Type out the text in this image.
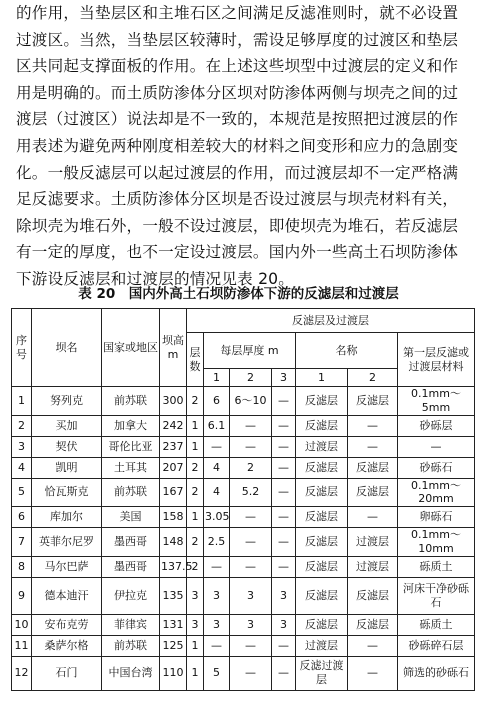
的作用，当垫层区和主堆石区之间满足反滤准则时，就不必设置

过渡区。当然，当垫层区较薄时，需设足够厚度的过渡区和垫层

区共同起支撑面板的作用。在上述这些坝型中过渡层的定义和作

用是明确的。而土质防渗体分区坝对防渗体两侧与坝壳之间的过

渡层（过渡区）说法却是不一致的，本规范是按照把过渡层的作

用表述为避免两种刚度相差较大的材料之间变形和应力的急剧变

化。一般反滤层可以起过渡层的作用，而过渡层却不一定严格满

足反滤要求。土质防渗体分区坝是否设过渡层与坝壳材料有关，

除坝壳为堆石外，一般不设过渡层，即使坝壳为堆石，若反滤层

有一定的厚度，也不一定设过渡层。国内外一些高土石坝防渗体

下游设反滤层和过渡层的情况见表 20。

表 20　国内外高土石坝防渗体下游的反滤层和过渡层
序号	坝名	国家或地区	坝高 m	反滤层及过渡层						
				层数	每层厚度 m			名称		第一层反滤或过渡层材料

					1	2	3	1	2	
1	努列克	前苏联	300	2	6	6～10	—	反滤层	反滤层	0.1mm～5mm
2	买加	加拿大	242	1	6.1	—	—	反滤层	—	砂砾层
3	契伏	哥伦比亚	237	1	—	—	—	过渡层	—	—
4	凯明	土耳其	207	2	4	2	—	反滤层	反滤层	砂砾石
5	恰瓦斯克	前苏联	167	2	4	5.2	—	反滤层	反滤层	0.1mm～20mm
6	库加尔	美国	158	1	3.05	—	—	反滤层	—	卵砾石
7	英菲尔尼罗	墨西哥	148	2	2.5	—	—	反滤层	过渡层	0.1mm～10mm
8	马尔巴萨	墨西哥	137.5	2	—	—	—	反滤层	过渡层	砾质土
9	德本迪汗	伊拉克	135	3	3	3	3	反滤层	反滤层	河床干净砂砾石
10	安布克劳	菲律宾	131	3	3	3	3	反滤层	反滤层	砾质土
11	桑萨尔格	前苏联	125	1	—	—	—	过渡层	—	砂砾碎石层
12	石门	中国台湾	110	1	5	—	—	反滤过渡层	—	筛选的砂砾石
